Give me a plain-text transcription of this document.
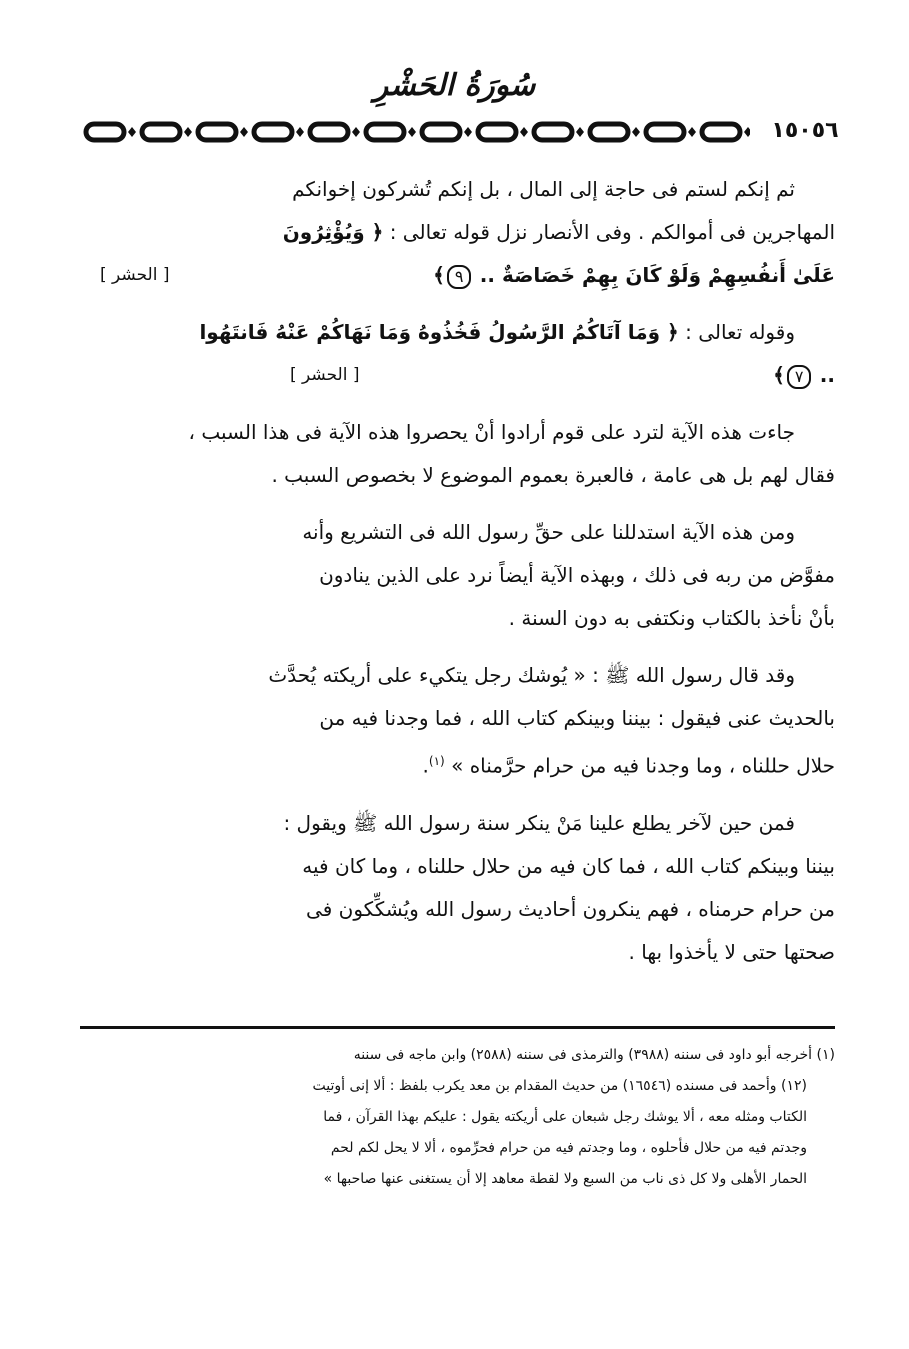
سُورَةُ الحَشْرِ
١٥٠٥٦

ثم إنكم لستم فى حاجة إلى المال ، بل إنكم تُشركون إخوانكم
المهاجرين فى أموالكم . وفى الأنصار نزل قوله تعالى : ﴿ وَيُؤْثِرُونَ
عَلَىٰ أَنفُسِهِمْ وَلَوْ كَانَ بِهِمْ خَصَاصَةٌ .. ٩﴾
[ الحشر ]

وقوله تعالى : ﴿ وَمَا آتَاكُمُ الرَّسُولُ فَخُذُوهُ وَمَا نَهَاكُمْ عَنْهُ فَانتَهُوا
.. ٧﴾
[ الحشر ]

جاءت هذه الآية لترد على قوم أرادوا أنْ يحصروا هذه الآية فى هذا السبب ،
فقال لهم بل هى عامة ، فالعبرة بعموم الموضوع لا بخصوص السبب .

ومن هذه الآية استدللنا على حقِّ رسول الله فى التشريع وأنه
مفوَّض من ربه فى ذلك ، وبهذه الآية أيضاً نرد على الذين ينادون
بأنْ نأخذ بالكتاب ونكتفى به دون السنة .

وقد قال رسول الله ﷺ : « يُوشك رجل يتكيء على أريكته يُحدَّث
بالحديث عنى فيقول : بيننا وبينكم كتاب الله ، فما وجدنا فيه من
حلال حللناه ، وما وجدنا فيه من حرام حرَّمناه » $^{(١)}$.

فمن حين لآخر يطلع علينا مَنْ ينكر سنة رسول الله ﷺ ويقول :
بيننا وبينكم كتاب الله ، فما كان فيه من حلال حللناه ، وما كان فيه
من حرام حرمناه ، فهم ينكرون أحاديث رسول الله ويُشكِّكون فى
صحتها حتى لا يأخذوا بها .

(١) أخرجه أبو داود فى سننه (٣٩٨٨) والترمذى فى سننه (٢٥٨٨) وابن ماجه فى سننه

(١٢) وأحمد فى مسنده (١٦٥٤٦) من حديث المقدام بن معد يكرب بلفظ : ألا إنى أوتيت

الكتاب ومثله معه ، ألا يوشك رجل شبعان على أريكته يقول : عليكم بهذا القرآن ، فما

وجدتم فيه من حلال فأحلوه ، وما وجدتم فيه من حرام فحرِّموه ، ألا لا يحل لكم لحم

الحمار الأهلى ولا كل ذى ناب من السبع ولا لقطة معاهد إلا أن يستغنى عنها صاحبها »
